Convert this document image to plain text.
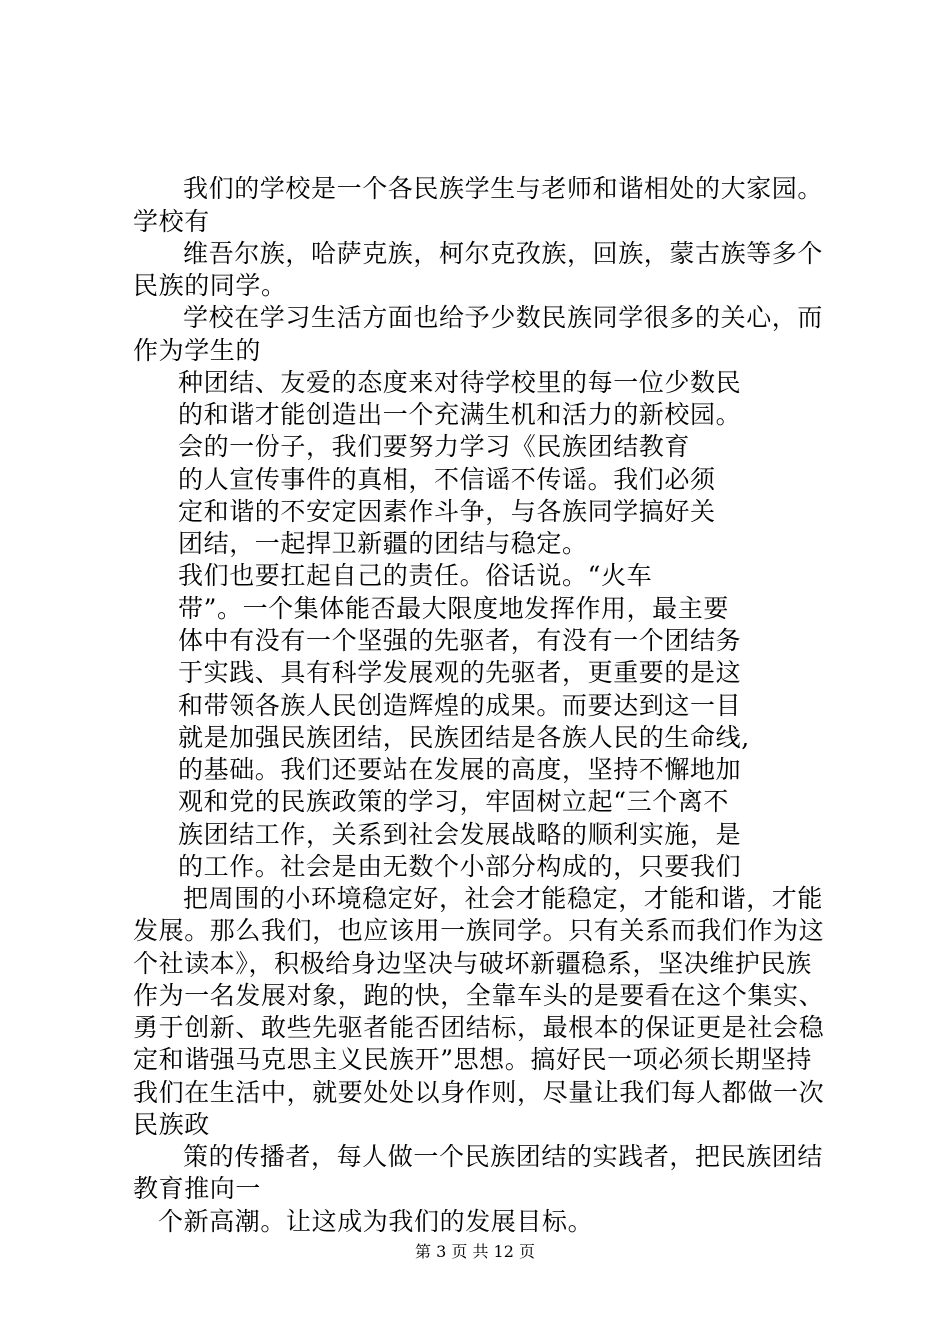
我们的学校是一个各民族学生与老师和谐相处的大家园。

学校有

维吾尔族，哈萨克族，柯尔克孜族，回族，蒙古族等多个

民族的同学。

学校在学习生活方面也给予少数民族同学很多的关心，而

作为学生的

种团结、友爱的态度来对待学校里的每一位少数民

的和谐才能创造出一个充满生机和活力的新校园。

会的一份子，我们要努力学习《民族团结教育

的人宣传事件的真相，不信谣不传谣。我们必须

定和谐的不安定因素作斗争，与各族同学搞好关

团结，一起捍卫新疆的团结与稳定。

我们也要扛起自己的责任。俗话说。“火车

带”。一个集体能否最大限度地发挥作用，最主要

体中有没有一个坚强的先驱者，有没有一个团结务

于实践、具有科学发展观的先驱者，更重要的是这

和带领各族人民创造辉煌的成果。而要达到这一目

就是加强民族团结，民族团结是各族人民的生命线,

的基础。我们还要站在发展的高度，坚持不懈地加

观和党的民族政策的学习，牢固树立起“三个离不

族团结工作，关系到社会发展战略的顺利实施，是

的工作。社会是由无数个小部分构成的，只要我们

把周围的小环境稳定好，社会才能稳定，才能和谐，才能

发展。那么我们，也应该用一族同学。只有关系而我们作为这

个社读本》，积极给身边坚决与破坏新疆稳系，坚决维护民族

作为一名发展对象，跑的快，全靠车头的是要看在这个集实、

勇于创新、敢些先驱者能否团结标，最根本的保证更是社会稳

定和谐强马克思主义民族开”思想。搞好民一项必须长期坚持

我们在生活中，就要处处以身作则，尽量让我们每人都做一次

民族政

策的传播者，每人做一个民族团结的实践者，把民族团结

教育推向一

个新高潮。让这成为我们的发展目标。

第 3 页 共 12 页
